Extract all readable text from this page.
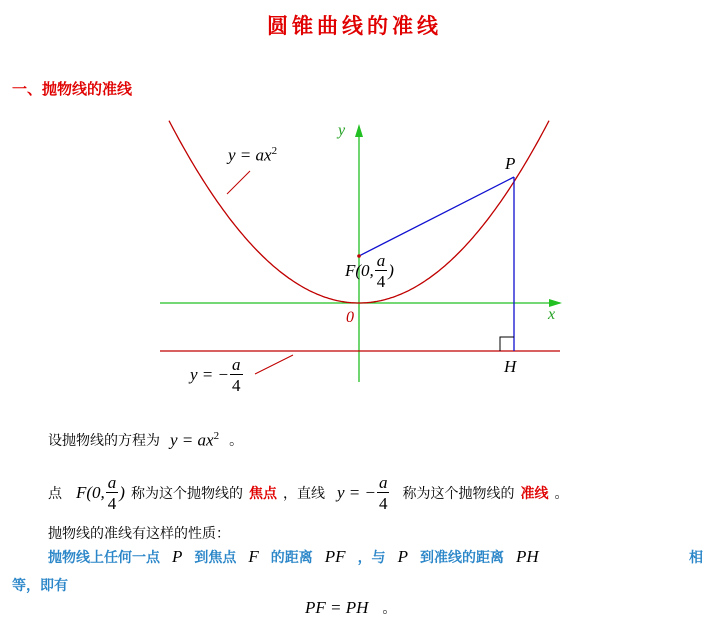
圆锥曲线的准线
一、抛物线的准线
y
x
0
P
H
$y = ax^2$
F(0, $\frac{a}{4}$ )
y = − $\frac{a}{4}$
设抛物线的方程为 $y = ax^2$ 。
点 F(0, $\frac{a}{4}$ ) 称为这个抛物线的 焦点 ，直线 y = − $\frac{a}{4}$ 称为这个抛物线的 准线 。
抛物线的准线有这样的性质：
抛物线上任何一点 P 到焦点 F 的距离 PF ，与 P 到准线的距离 PH	相
等，即有
PF = PH 。
